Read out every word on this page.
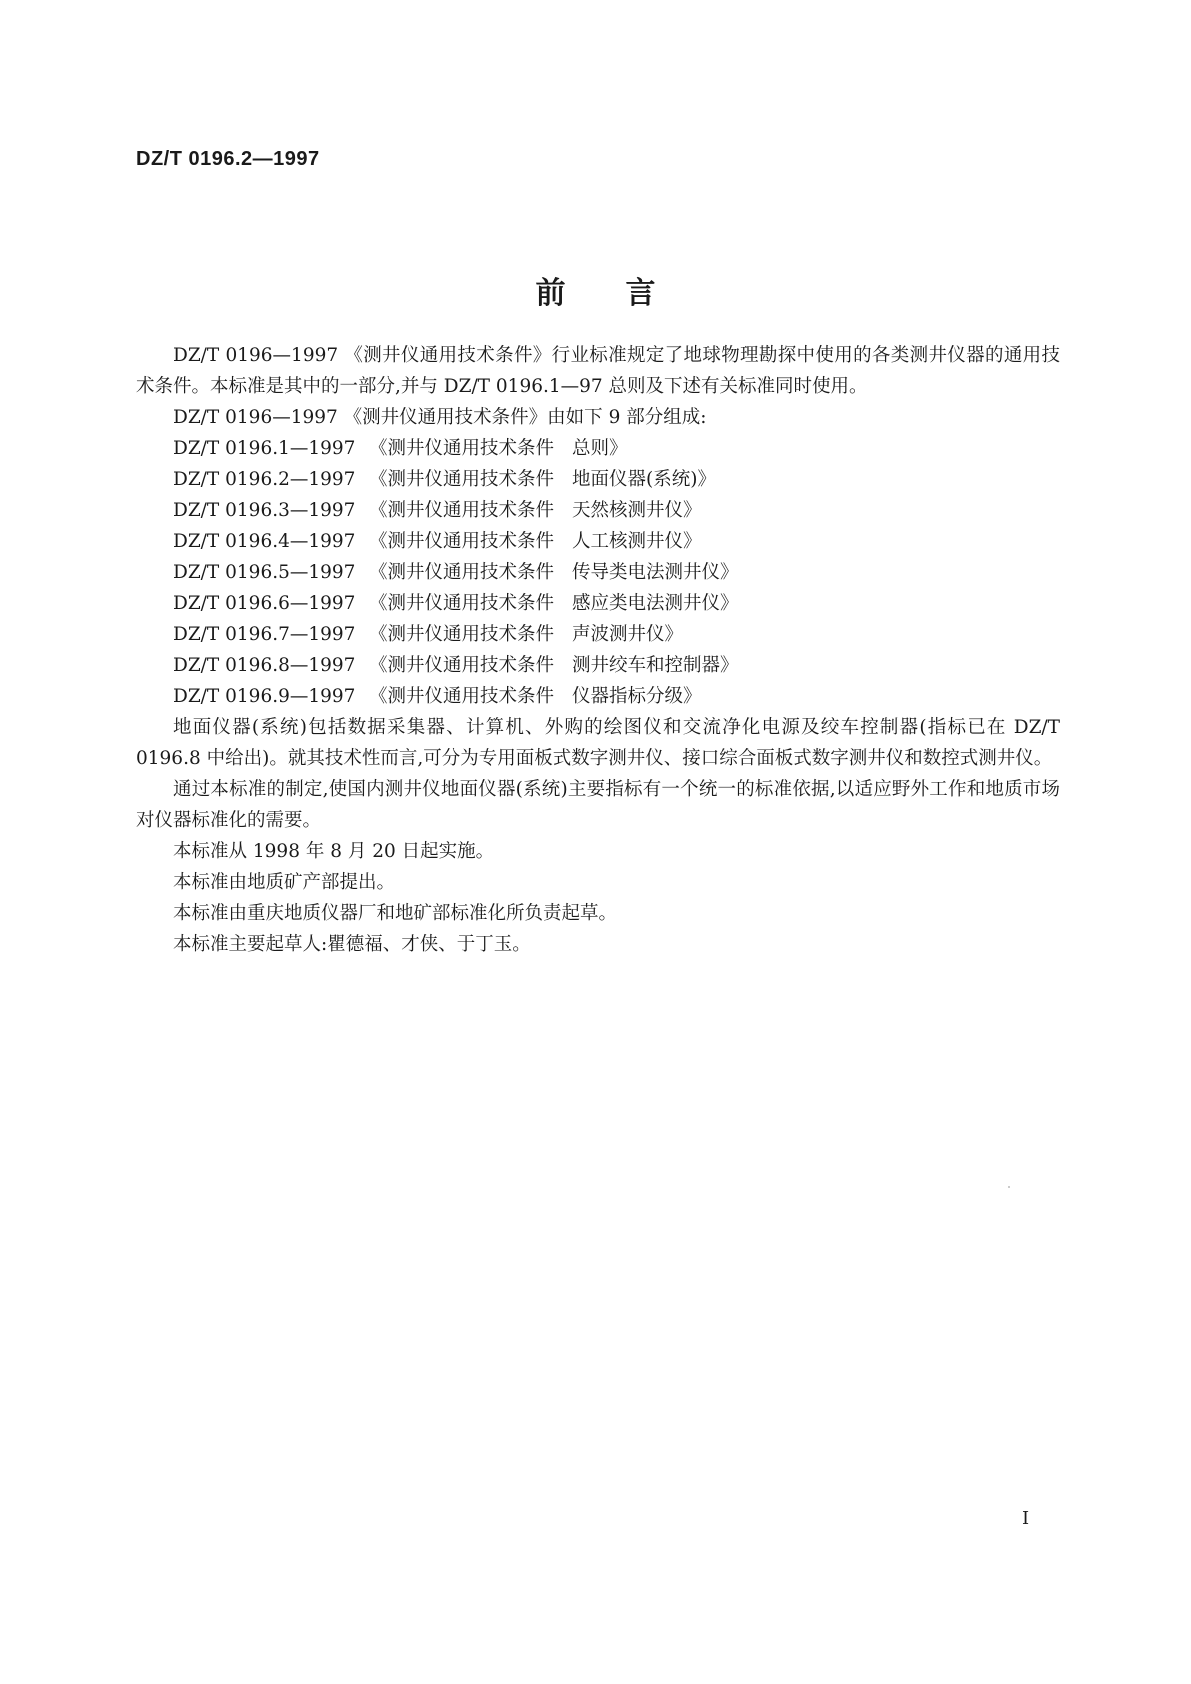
DZ/T 0196.2—1997
前言

DZ/T 0196—1997 《测井仪通用技术条件》行业标准规定了地球物理勘探中使用的各类测井仪器的通用技术条件。本标准是其中的一部分,并与 DZ/T 0196.1—97 总则及下述有关标准同时使用。

DZ/T 0196—1997 《测井仪通用技术条件》由如下 9 部分组成:

DZ/T 0196.1—1997 《测井仪通用技术条件 总则》
DZ/T 0196.2—1997 《测井仪通用技术条件 地面仪器(系统)》
DZ/T 0196.3—1997 《测井仪通用技术条件 天然核测井仪》
DZ/T 0196.4—1997 《测井仪通用技术条件 人工核测井仪》
DZ/T 0196.5—1997 《测井仪通用技术条件 传导类电法测井仪》
DZ/T 0196.6—1997 《测井仪通用技术条件 感应类电法测井仪》
DZ/T 0196.7—1997 《测井仪通用技术条件 声波测井仪》
DZ/T 0196.8—1997 《测井仪通用技术条件 测井绞车和控制器》
DZ/T 0196.9—1997 《测井仪通用技术条件 仪器指标分级》

地面仪器(系统)包括数据采集器、计算机、外购的绘图仪和交流净化电源及绞车控制器(指标已在 DZ/T 0196.8 中给出)。就其技术性而言,可分为专用面板式数字测井仪、接口综合面板式数字测井仪和数控式测井仪。

通过本标准的制定,使国内测井仪地面仪器(系统)主要指标有一个统一的标准依据,以适应野外工作和地质市场对仪器标准化的需要。

本标准从 1998 年 8 月 20 日起实施。

本标准由地质矿产部提出。

本标准由重庆地质仪器厂和地矿部标准化所负责起草。

本标准主要起草人:瞿德福、才侠、于丁玉。

I
